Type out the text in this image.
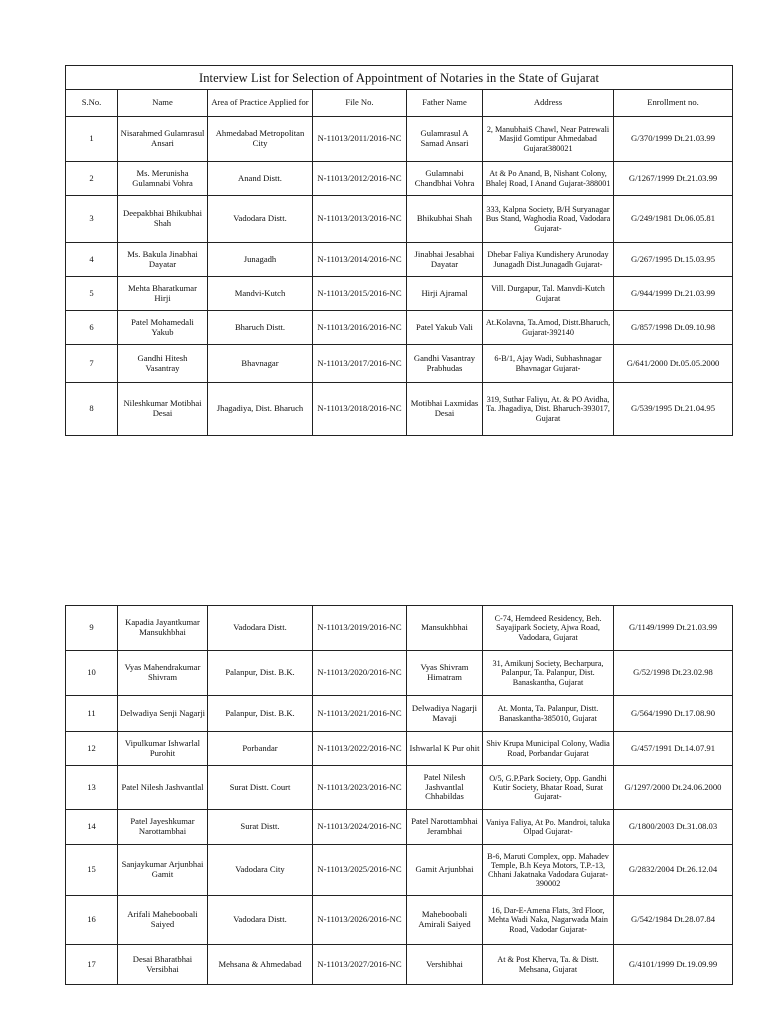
Interview List for Selection of Appointment of Notaries in the State of Gujarat						
S.No.	Name	Area of Practice Applied for	File No.	Father Name	Address	Enrollment no.
1	Nisarahmed Gulamrasul Ansari	Ahmedabad Metropolitan City	N-11013/2011/2016-NC	Gulamrasul A Samad Ansari	2, ManubhaiS Chawl, Near Patrewali Masjid Gomtipur Ahmedabad Gujarat380021	G/370/1999 Dt.21.03.99
2	Ms. Merunisha Gulamnabi Vohra	Anand Distt.	N-11013/2012/2016-NC	Gulamnabi Chandbhai Vohra	At & Po Anand, B, Nishant Colony, Bhalej Road, I Anand Gujarat-388001	G/1267/1999 Dt.21.03.99
3	Deepakbhai Bhikubhai Shah	Vadodara Distt.	N-11013/2013/2016-NC	Bhikubhai Shah	333, Kalpna Society, B/H Suryanagar Bus Stand, Waghodia Road, Vadodara Gujarat-	G/249/1981 Dt.06.05.81
4	Ms. Bakula Jinabhai Dayatar	Junagadh	N-11013/2014/2016-NC	Jinabhai Jesabhai Dayatar	Dhebar Faliya Kundishery Arunoday Junagadh Dist.Junagadh Gujarat-	G/267/1995 Dt.15.03.95
5	Mehta Bharatkumar Hirji	Mandvi-Kutch	N-11013/2015/2016-NC	Hirji Ajramal	Vill. Durgapur, Tal. Manvdi-Kutch Gujarat	G/944/1999 Dt.21.03.99
6	Patel Mohamedali Yakub	Bharuch Distt.	N-11013/2016/2016-NC	Patel Yakub Vali	At.Kolavna, Ta.Amod, Distt.Bharuch, Gujarat-392140	G/857/1998 Dt.09.10.98
7	Gandhi Hitesh Vasantray	Bhavnagar	N-11013/2017/2016-NC	Gandhi Vasantray Prabhudas	6-B/1, Ajay Wadi, Subhashnagar Bhavnagar Gujarat-	G/641/2000 Dt.05.05.2000
8	Nileshkumar Motibhai Desai	Jhagadiya, Dist. Bharuch	N-11013/2018/2016-NC	Motibhai Laxmidas Desai	319, Suthar Faliyu, At. & PO Avidha, Ta. Jhagadiya, Dist. Bharuch-393017, Gujarat	G/539/1995 Dt.21.04.95
9	Kapadia Jayantkumar Mansukhbhai	Vadodara Distt.	N-11013/2019/2016-NC	Mansukhbhai	C-74, Hemdeed Residency, Beh. Sayajipark Society, Ajwa Road, Vadodara, Gujarat	G/1149/1999 Dt.21.03.99
10	Vyas Mahendrakumar Shivram	Palanpur, Dist. B.K.	N-11013/2020/2016-NC	Vyas Shivram Himatram	31, Amikunj Society, Becharpura, Palanpur, Ta. Palanpur, Dist. Banaskantha, Gujarat	G/52/1998 Dt.23.02.98
11	Delwadiya Senji Nagarji	Palanpur, Dist. B.K.	N-11013/2021/2016-NC	Delwadiya Nagarji Mavaji	At. Monta, Ta. Palanpur, Distt. Banaskantha-385010, Gujarat	G/564/1990 Dt.17.08.90
12	Vipulkumar Ishwarlal Purohit	Porbandar	N-11013/2022/2016-NC	Ishwarlal K Pur ohit	Shiv Krupa Municipal Colony, Wadia Road, Porbandar Gujarat	G/457/1991 Dt.14.07.91
13	Patel Nilesh Jashvantlal	Surat Distt. Court	N-11013/2023/2016-NC	Patel Nilesh Jashvantlal Chhabildas	O/5, G.P.Park Society, Opp. Gandhi Kutir Society, Bhatar Road, Surat Gujarat-	G/1297/2000 Dt.24.06.2000
14	Patel Jayeshkumar Narottambhai	Surat Distt.	N-11013/2024/2016-NC	Patel Narottambhai Jerambhai	Vaniya Faliya, At Po. Mandroi, taluka Olpad Gujarat-	G/1800/2003 Dt.31.08.03
15	Sanjaykumar Arjunbhai Gamit	Vadodara City	N-11013/2025/2016-NC	Gamit Arjunbhai	B-6, Maruti Complex, opp. Mahadev Temple, B.h Keya Motors, T.P.-13, Chhani Jakatnaka Vadodara Gujarat-390002	G/2832/2004 Dt.26.12.04
16	Arifali Maheboobali Saiyed	Vadodara Distt.	N-11013/2026/2016-NC	Maheboobali Amirali Saiyed	16, Dar-E-Amena Flats, 3rd Floor, Mehta Wadi Naka, Nagarwada Main Road, Vadodar Gujarat-	G/542/1984 Dt.28.07.84
17	Desai Bharatbhai Versibhai	Mehsana & Ahmedabad	N-11013/2027/2016-NC	Vershibhai	At & Post Kherva, Ta. & Distt. Mehsana, Gujarat	G/4101/1999 Dt.19.09.99
